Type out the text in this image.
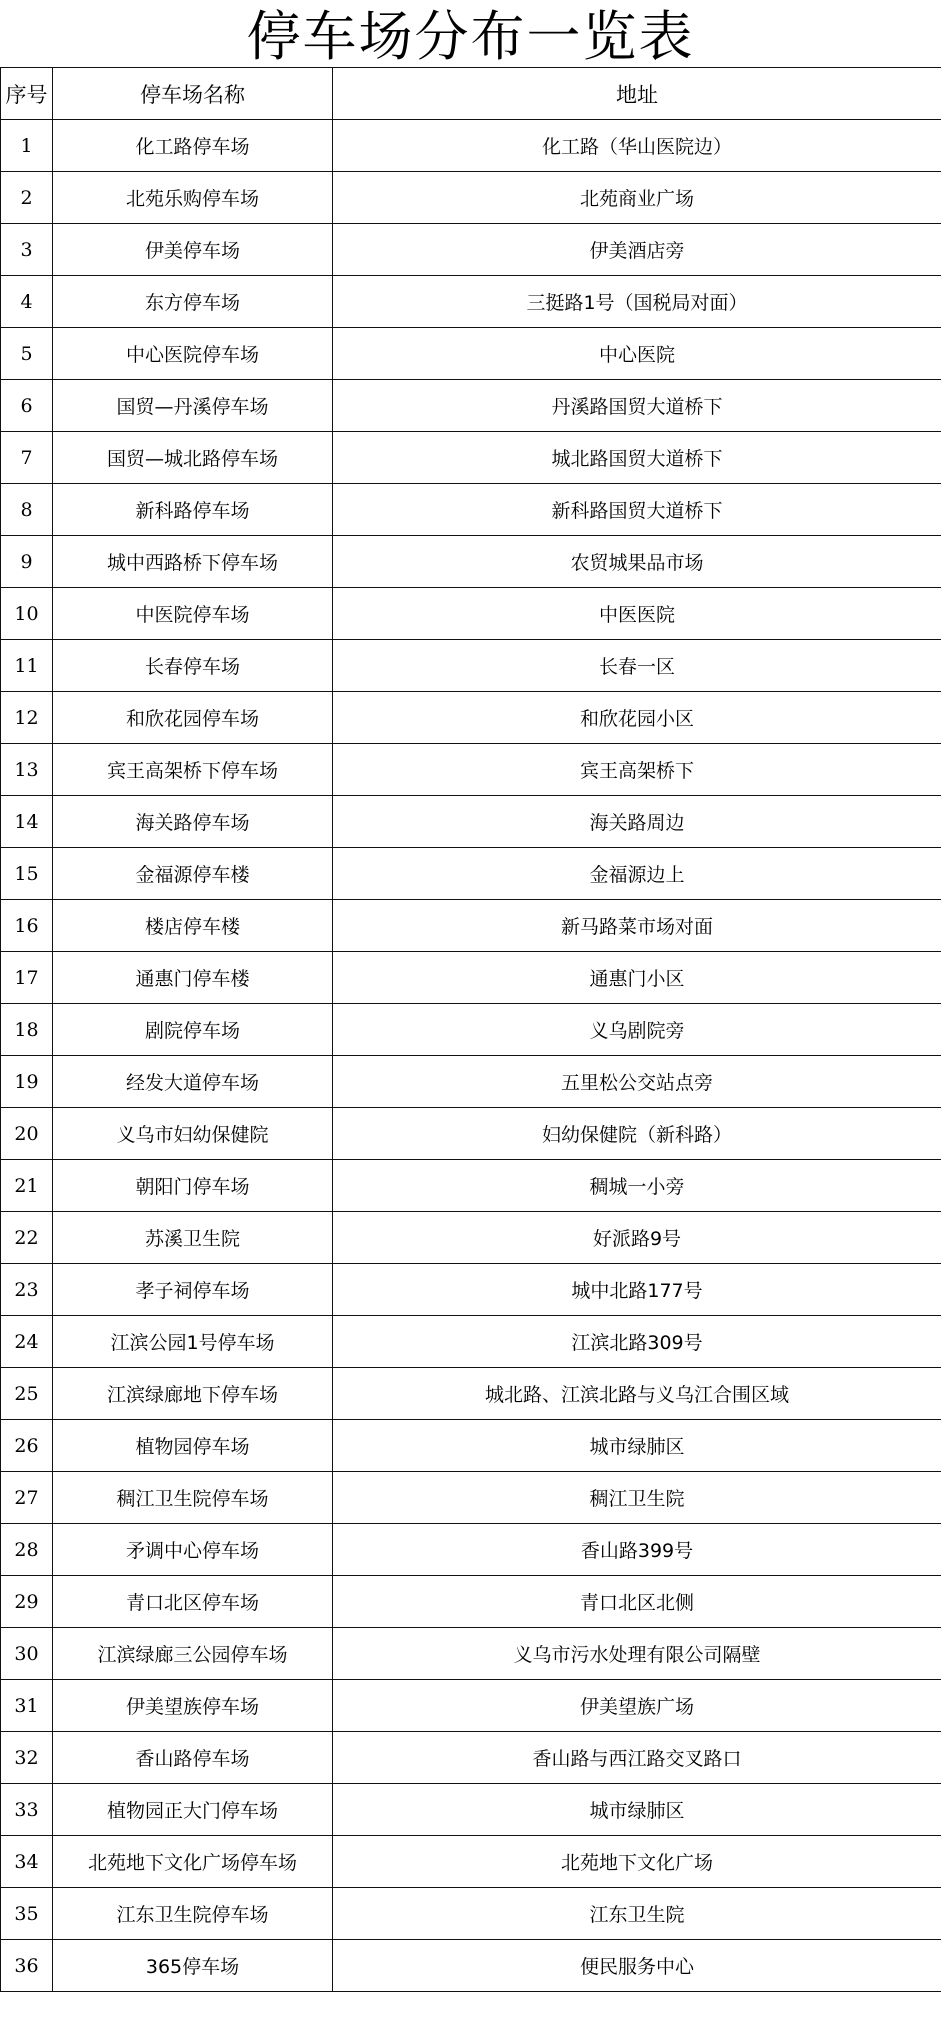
停车场分布一览表
序号	停车场名称	地址
1	化工路停车场	化工路（华山医院边）
2	北苑乐购停车场	北苑商业广场
3	伊美停车场	伊美酒店旁
4	东方停车场	三挺路1号（国税局对面）
5	中心医院停车场	中心医院
6	国贸—丹溪停车场	丹溪路国贸大道桥下
7	国贸—城北路停车场	城北路国贸大道桥下
8	新科路停车场	新科路国贸大道桥下
9	城中西路桥下停车场	农贸城果品市场
10	中医院停车场	中医医院
11	长春停车场	长春一区
12	和欣花园停车场	和欣花园小区
13	宾王高架桥下停车场	宾王高架桥下
14	海关路停车场	海关路周边
15	金福源停车楼	金福源边上
16	楼店停车楼	新马路菜市场对面
17	通惠门停车楼	通惠门小区
18	剧院停车场	义乌剧院旁
19	经发大道停车场	五里松公交站点旁
20	义乌市妇幼保健院	妇幼保健院（新科路）
21	朝阳门停车场	稠城一小旁
22	苏溪卫生院	好派路9号
23	孝子祠停车场	城中北路177号
24	江滨公园1号停车场	江滨北路309号
25	江滨绿廊地下停车场	城北路、江滨北路与义乌江合围区域
26	植物园停车场	城市绿肺区
27	稠江卫生院停车场	稠江卫生院
28	矛调中心停车场	香山路399号
29	青口北区停车场	青口北区北侧
30	江滨绿廊三公园停车场	义乌市污水处理有限公司隔壁
31	伊美望族停车场	伊美望族广场
32	香山路停车场	香山路与西江路交叉路口
33	植物园正大门停车场	城市绿肺区
34	北苑地下文化广场停车场	北苑地下文化广场
35	江东卫生院停车场	江东卫生院
36	365停车场	便民服务中心
